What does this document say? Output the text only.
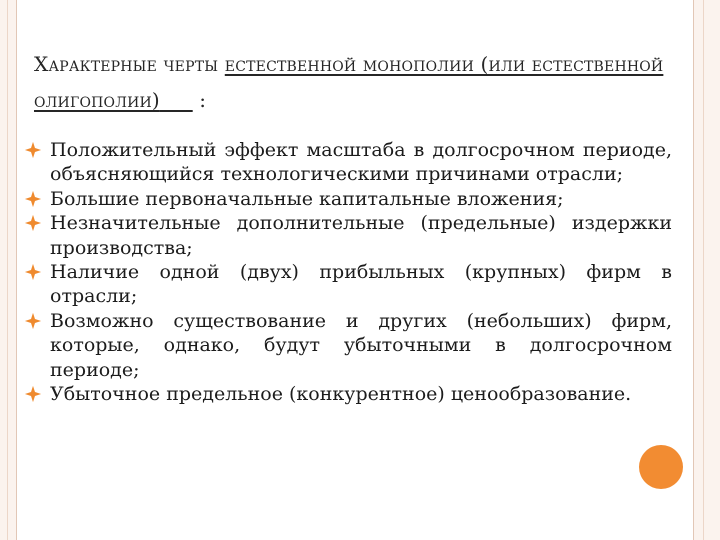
Характерные черты естественной монополии (или естественной олигополии) :
Положительный эффект масштаба в долгосрочном периоде, объясняющийся технологическими причинами отрасли;
Большие первоначальные капитальные вложения;
Незначительные дополнительные (предельные) издержки производства;
Наличие одной (двух) прибыльных (крупных) фирм в отрасли;
Возможно существование и других (небольших) фирм, которые, однако, будут убыточными в долгосрочном периоде;
Убыточное предельное (конкурентное) ценообразование.
